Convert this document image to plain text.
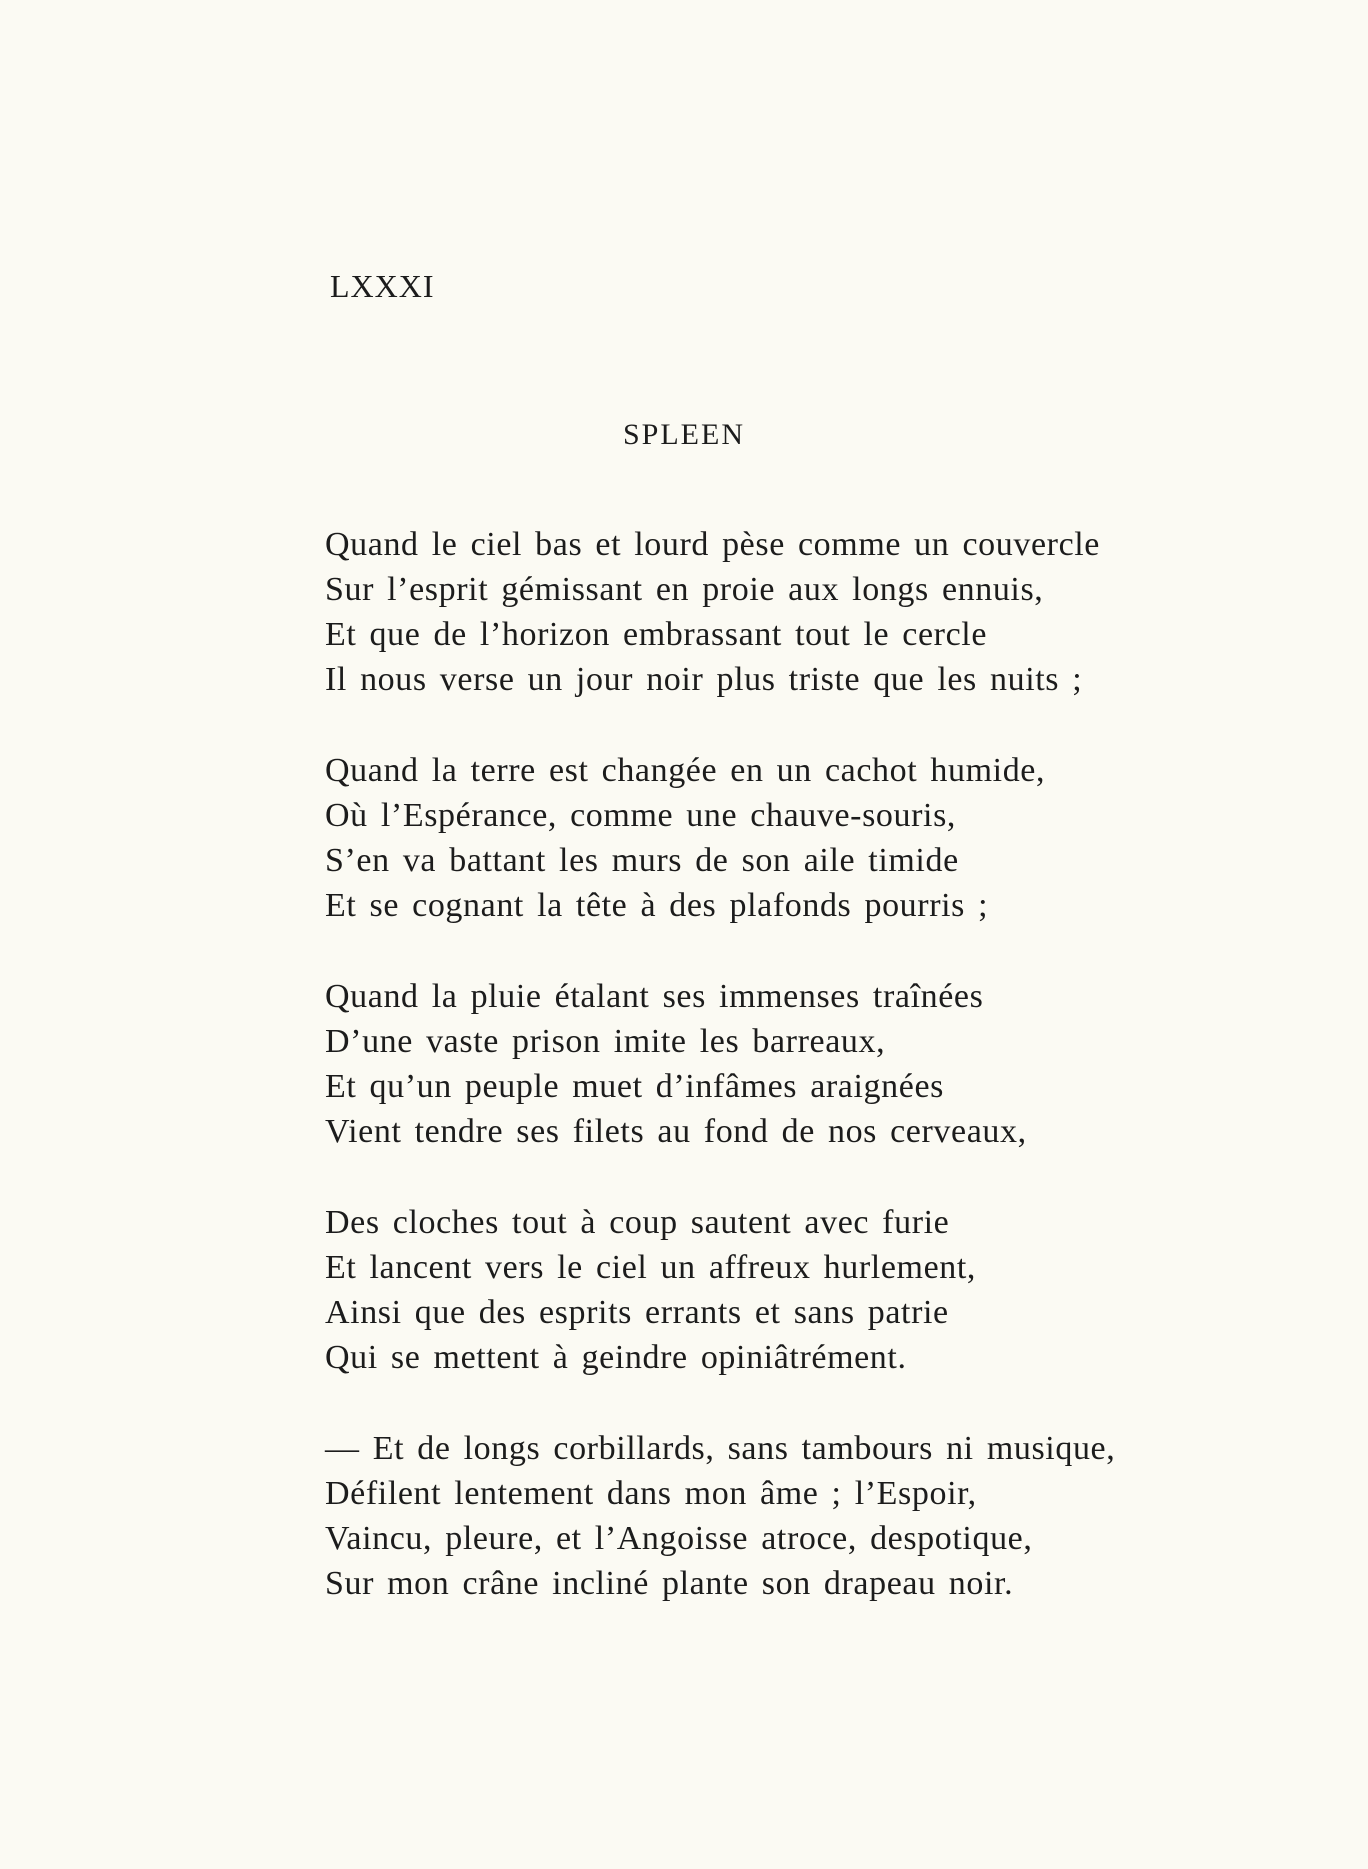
LXXXI
SPLEEN

Quand le ciel bas et lourd pèse comme un couvercle

Sur l’esprit gémissant en proie aux longs ennuis,

Et que de l’horizon embrassant tout le cercle

Il nous verse un jour noir plus triste que les nuits ;

Quand la terre est changée en un cachot humide,

Où l’Espérance, comme une chauve-souris,

S’en va battant les murs de son aile timide

Et se cognant la tête à des plafonds pourris ;

Quand la pluie étalant ses immenses traînées

D’une vaste prison imite les barreaux,

Et qu’un peuple muet d’infâmes araignées

Vient tendre ses filets au fond de nos cerveaux,

Des cloches tout à coup sautent avec furie

Et lancent vers le ciel un affreux hurlement,

Ainsi que des esprits errants et sans patrie

Qui se mettent à geindre opiniâtrément.

— Et de longs corbillards, sans tambours ni musique,

Défilent lentement dans mon âme ; l’Espoir,

Vaincu, pleure, et l’Angoisse atroce, despotique,

Sur mon crâne incliné plante son drapeau noir.
